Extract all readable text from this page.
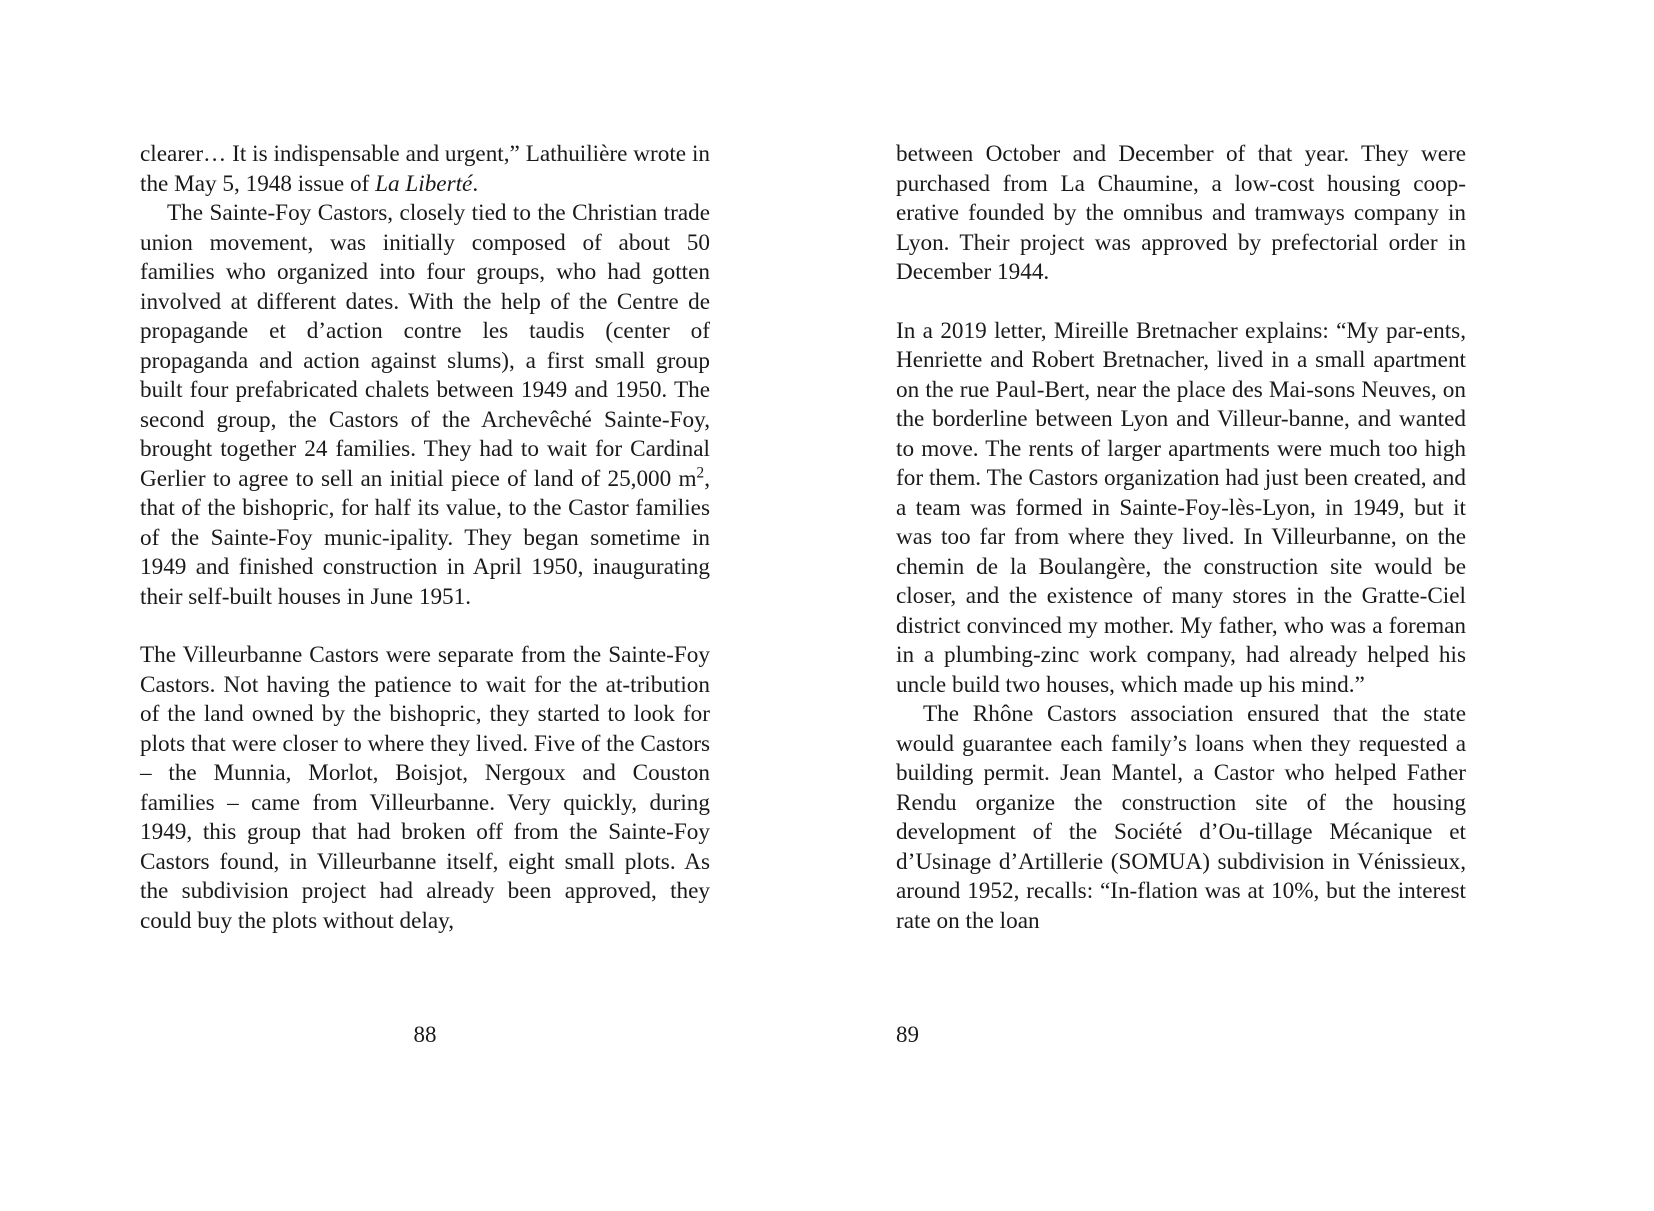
clearer… It is indispensable and urgent,” Lathuilière wrote in the May 5, 1948 issue of La Liberté.

The Sainte-Foy Castors, closely tied to the Christian trade union movement, was initially composed of about 50 families who organized into four groups, who had gotten involved at different dates. With the help of the Centre de propagande et d’action contre les taudis (center of propaganda and action against slums), a first small group built four prefabricated chalets between 1949 and 1950. The second group, the Castors of the Archevêché Sainte-Foy, brought together 24 families. They had to wait for Cardinal Gerlier to agree to sell an initial piece of land of 25,000 $m^2$, that of the bishopric, for half its value, to the Castor families of the Sainte-Foy munic-ipality. They began sometime in 1949 and finished construction in April 1950, inaugurating their self-built houses in June 1951.

The Villeurbanne Castors were separate from the Sainte-Foy Castors. Not having the patience to wait for the at-tribution of the land owned by the bishopric, they started to look for plots that were closer to where they lived. Five of the Castors – the Munnia, Morlot, Boisjot, Nergoux and Couston families – came from Villeurbanne. Very quickly, during 1949, this group that had broken off from the Sainte-Foy Castors found, in Villeurbanne itself, eight small plots. As the subdivision project had already been approved, they could buy the plots without delay,

between October and December of that year. They were purchased from La Chaumine, a low-cost housing coop-erative founded by the omnibus and tramways company in Lyon. Their project was approved by prefectorial order in December 1944.

In a 2019 letter, Mireille Bretnacher explains: “My par-ents, Henriette and Robert Bretnacher, lived in a small apartment on the rue Paul-Bert, near the place des Mai-sons Neuves, on the borderline between Lyon and Villeur-banne, and wanted to move. The rents of larger apartments were much too high for them. The Castors organization had just been created, and a team was formed in Sainte-Foy-lès-Lyon, in 1949, but it was too far from where they lived. In Villeurbanne, on the chemin de la Boulangère, the construction site would be closer, and the existence of many stores in the Gratte-Ciel district convinced my mother. My father, who was a foreman in a plumbing-zinc work company, had already helped his uncle build two houses, which made up his mind.”

The Rhône Castors association ensured that the state would guarantee each family’s loans when they requested a building permit. Jean Mantel, a Castor who helped Father Rendu organize the construction site of the housing development of the Société d’Ou-tillage Mécanique et d’Usinage d’Artillerie (SOMUA) subdivision in Vénissieux, around 1952, recalls: “In-flation was at 10%, but the interest rate on the loan

88	89
